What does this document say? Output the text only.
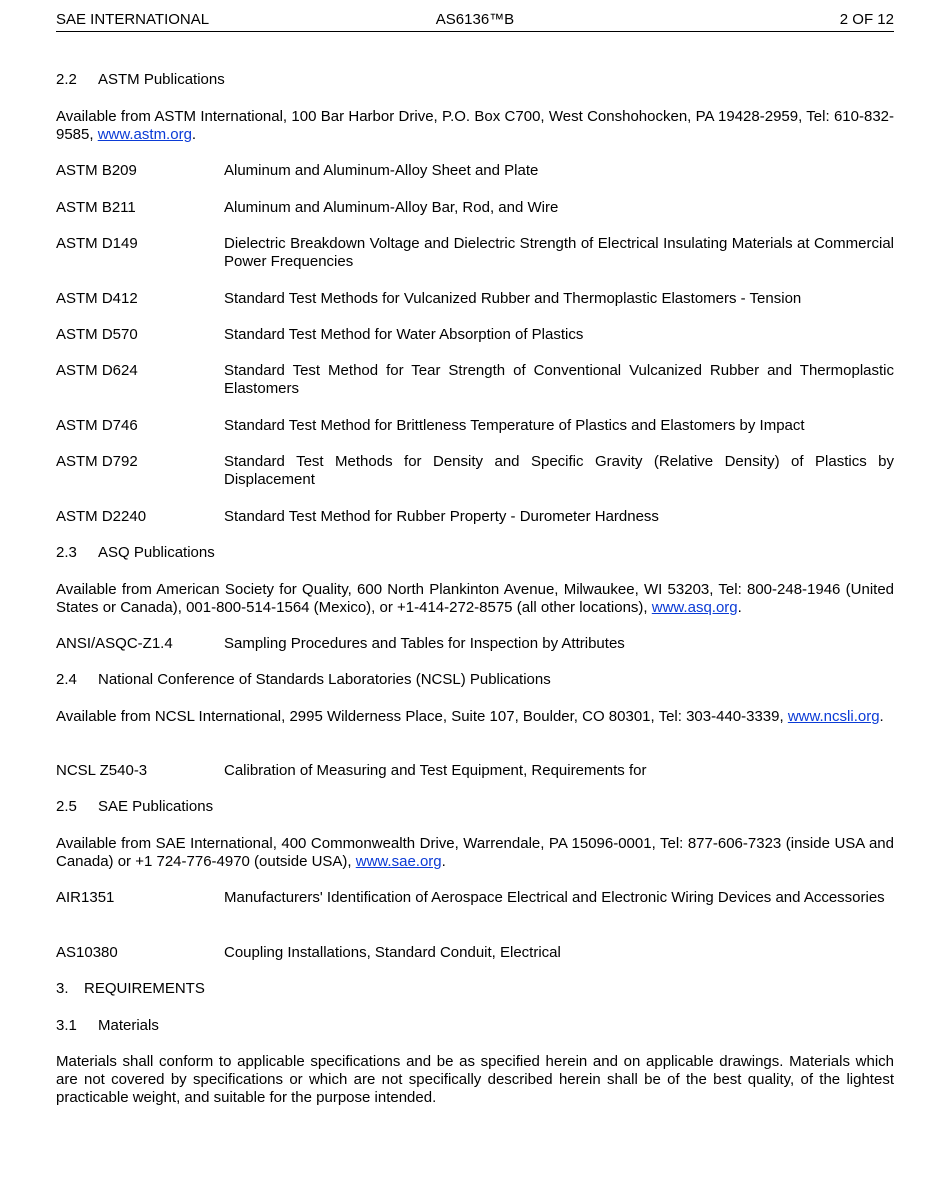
SAE INTERNATIONAL	AS6136™B	2 OF 12
2.2 ASTM Publications
Available from ASTM International, 100 Bar Harbor Drive, P.O. Box C700, West Conshohocken, PA 19428-2959, Tel: 610-832-9585, www.astm.org.
ASTM B209	Aluminum and Aluminum-Alloy Sheet and Plate
ASTM B211	Aluminum and Aluminum-Alloy Bar, Rod, and Wire
ASTM D149	Dielectric Breakdown Voltage and Dielectric Strength of Electrical Insulating Materials at Commercial Power Frequencies
ASTM D412	Standard Test Methods for Vulcanized Rubber and Thermoplastic Elastomers - Tension
ASTM D570	Standard Test Method for Water Absorption of Plastics
ASTM D624	Standard Test Method for Tear Strength of Conventional Vulcanized Rubber and Thermoplastic Elastomers
ASTM D746	Standard Test Method for Brittleness Temperature of Plastics and Elastomers by Impact
ASTM D792	Standard Test Methods for Density and Specific Gravity (Relative Density) of Plastics by Displacement
ASTM D2240	Standard Test Method for Rubber Property - Durometer Hardness
2.3 ASQ Publications
Available from American Society for Quality, 600 North Plankinton Avenue, Milwaukee, WI 53203, Tel: 800-248-1946 (United States or Canada), 001-800-514-1564 (Mexico), or +1-414-272-8575 (all other locations), www.asq.org.
ANSI/ASQC-Z1.4	Sampling Procedures and Tables for Inspection by Attributes
2.4 National Conference of Standards Laboratories (NCSL) Publications
Available from NCSL International, 2995 Wilderness Place, Suite 107, Boulder, CO 80301, Tel: 303-440-3339, www.ncsli.org.
NCSL Z540-3	Calibration of Measuring and Test Equipment, Requirements for
2.5 SAE Publications
Available from SAE International, 400 Commonwealth Drive, Warrendale, PA 15096-0001, Tel: 877-606-7323 (inside USA and Canada) or +1 724-776-4970 (outside USA), www.sae.org.
AIR1351	Manufacturers' Identification of Aerospace Electrical and Electronic Wiring Devices and Accessories
AS10380	Coupling Installations, Standard Conduit, Electrical
3. REQUIREMENTS
3.1 Materials
Materials shall conform to applicable specifications and be as specified herein and on applicable drawings. Materials which are not covered by specifications or which are not specifically described herein shall be of the best quality, of the lightest practicable weight, and suitable for the purpose intended.
